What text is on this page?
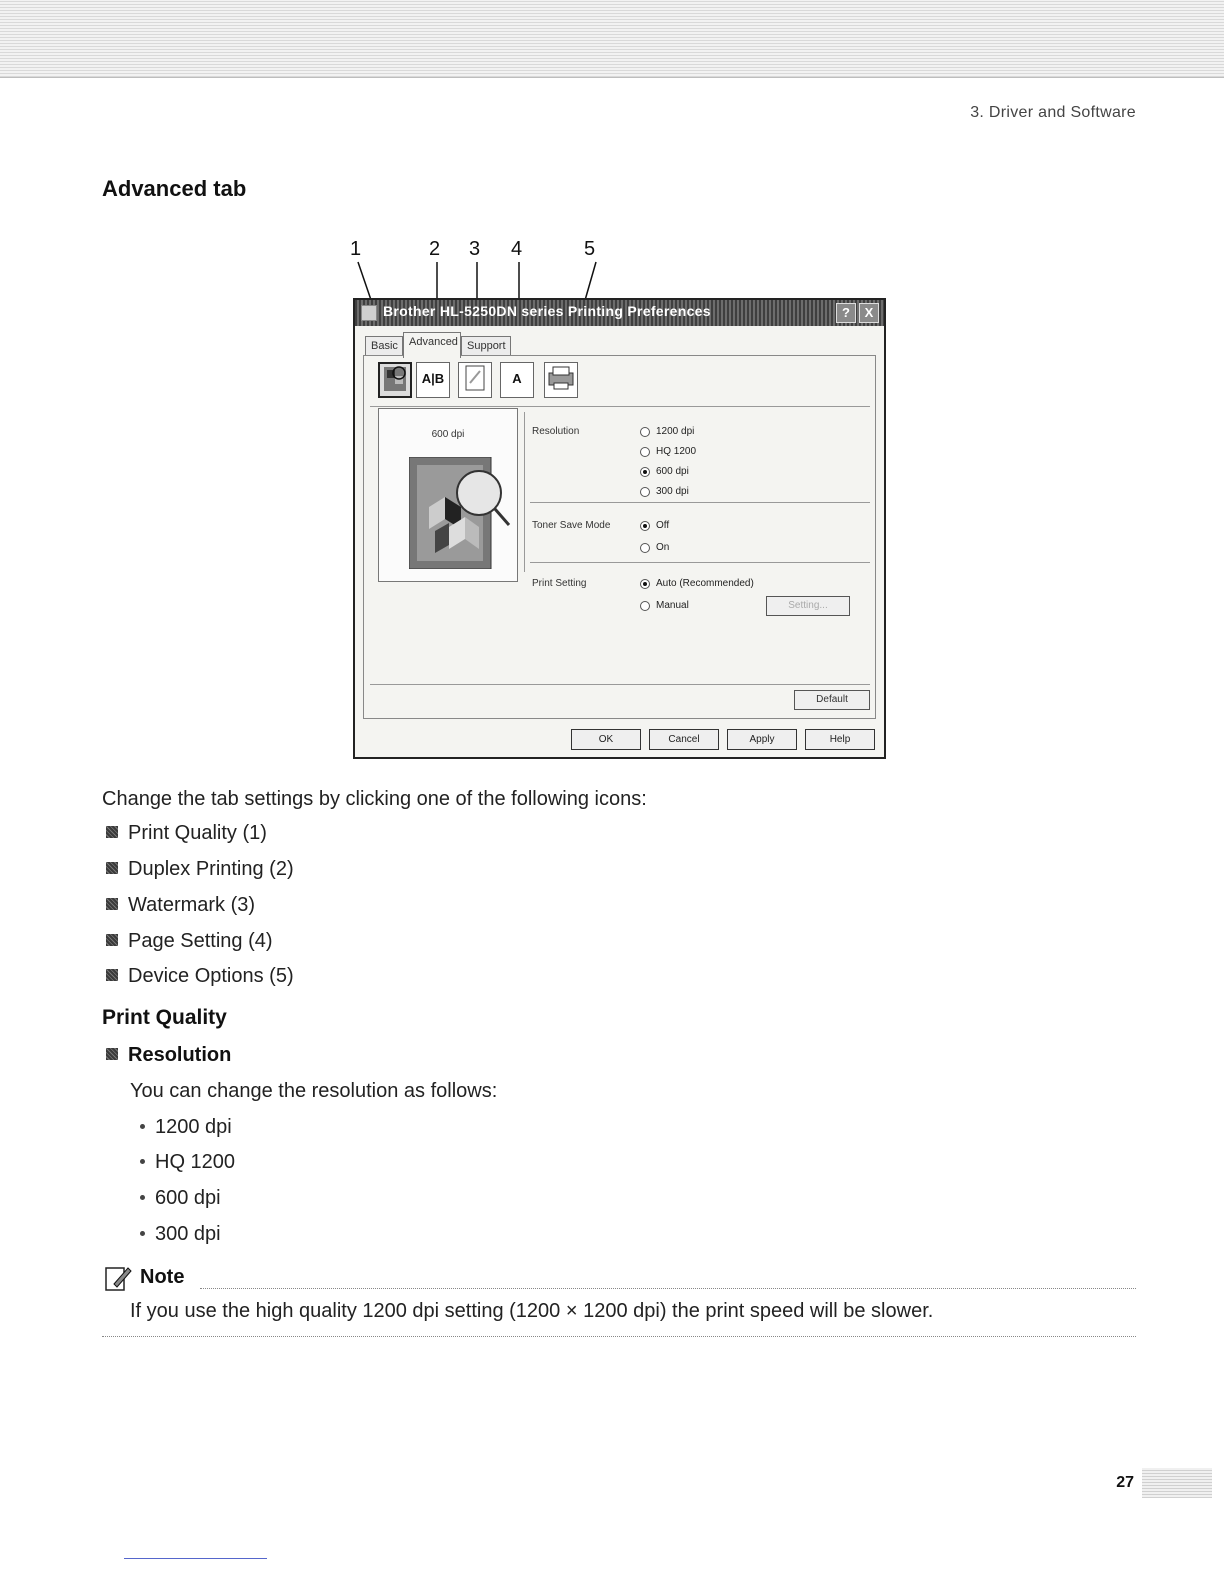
3. Driver and Software
Advanced tab
1	2 3 4	5
Brother HL-5250DN series Printing Preferences	?	X
Basic	Advanced Support
A|B	A
600 dpi	Resolution	1200 dpi
HQ 1200
600 dpi
300 dpi
Toner Save Mode	Off
On
Print Setting	Auto (Recommended)
Manual	Setting...
Default
OK	Cancel	Apply	Help
Change the tab settings by clicking one of the following icons:
Print Quality (1)
Duplex Printing (2)
Watermark (3)
Page Setting (4)
Device Options (5)
Print Quality
Resolution
You can change the resolution as follows:
1200 dpi
HQ 1200
600 dpi
300 dpi
Note
If you use the high quality 1200 dpi setting (1200 × 1200 dpi) the print speed will be slower.
27
